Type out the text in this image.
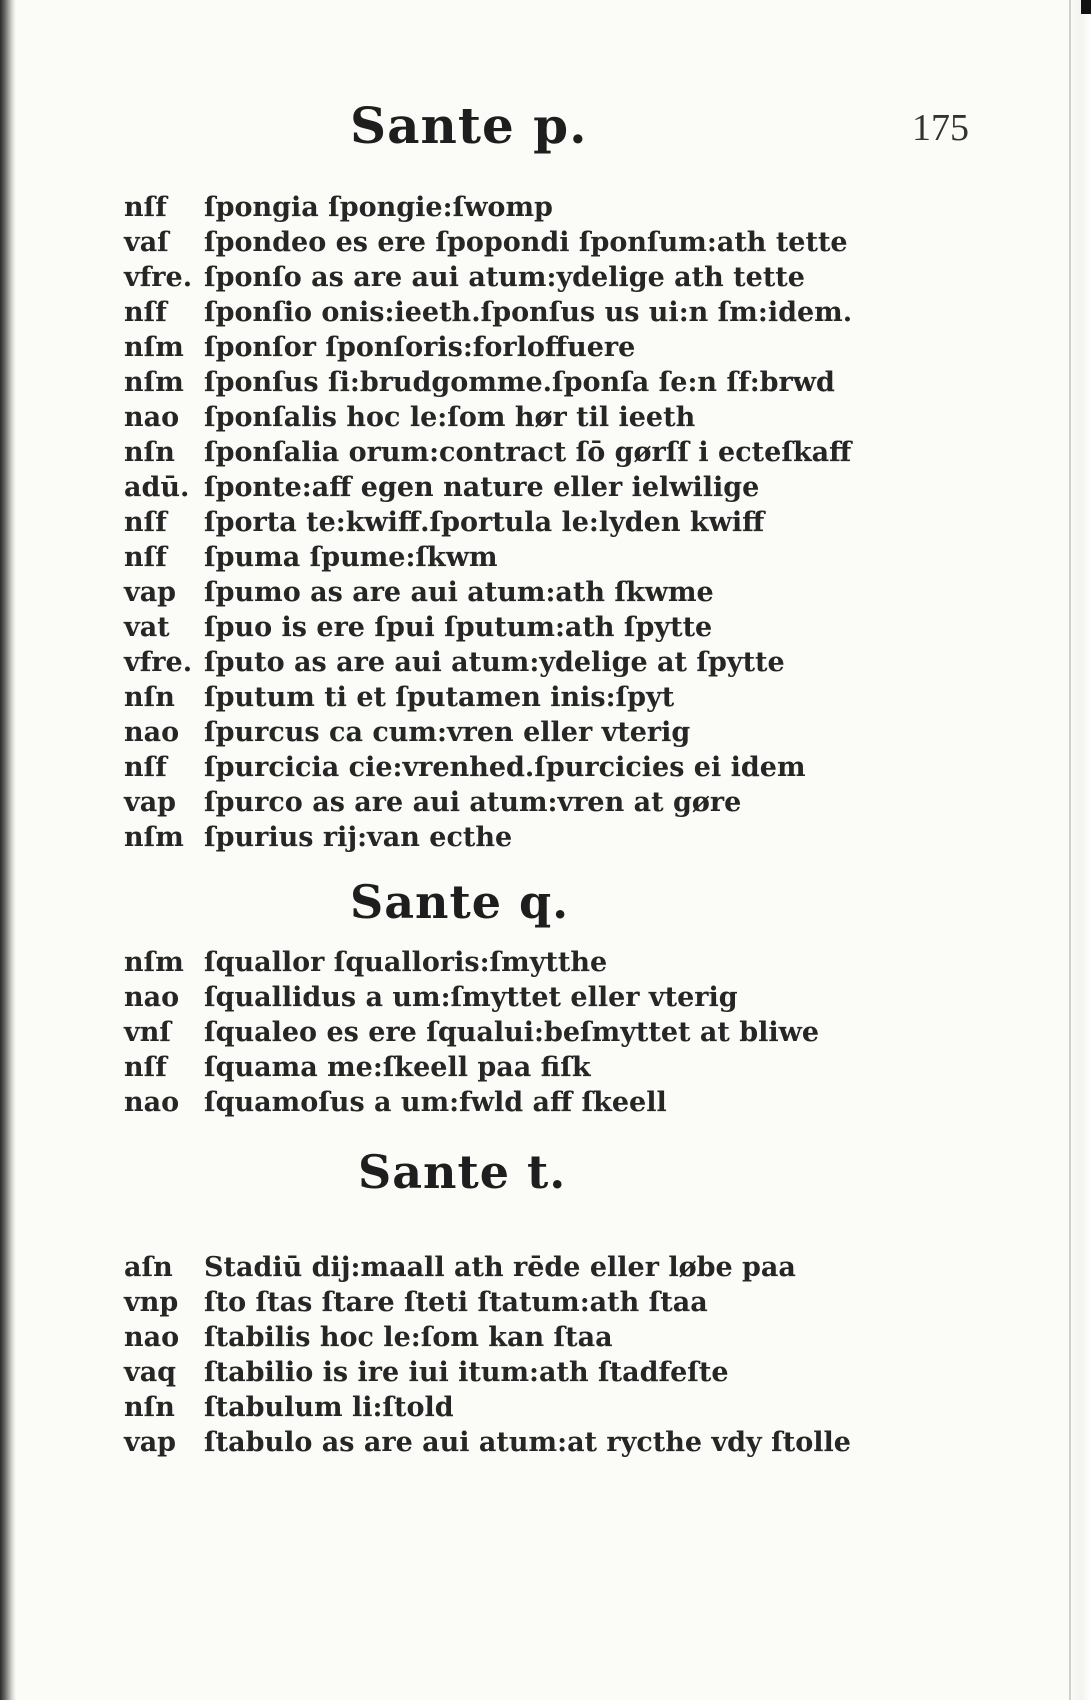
Sante p.	175
nſf	ſpongia ſpongie:ſwomp
vaſ	ſpondeo es ere ſpopondi ſponſum:ath tette
vfre. ſponſo as are aui atum:ydelige ath tette
nſf	ſponſio onis:ieeth.ſponſus us ui:n ſm:idem.
nſm ſponſor ſponſoris:forloffuere
nſm ſponſus ſi:brudgomme.ſponſa ſe:n ſf:brwd
nao ſponſalis hoc le:ſom hør til ieeth
nſn	ſponſalia orum:contract ſō gørſſ i ecteſkaff
adū. ſponte:aff egen nature eller ielwilige
nſf	ſporta te:kwiff.ſportula le:lyden kwiff
nſf	ſpuma ſpume:ſkwm
vap	ſpumo as are aui atum:ath ſkwme
vat	ſpuo is ere ſpui ſputum:ath ſpytte
vfre. ſputo as are aui atum:ydelige at ſpytte
nſn	ſputum ti et ſputamen inis:ſpyt
nao ſpurcus ca cum:vren eller vterig
nſf	ſpurcicia cie:vrenhed.ſpurcicies ei idem
vap	ſpurco as are aui atum:vren at gøre
nſm ſpurius rij:van ecthe
Sante q.
nſm ſquallor ſqualloris:ſmytthe
nao ſquallidus a um:ſmyttet eller vterig
vnſ	ſqualeo es ere ſqualui:beſmyttet at bliwe
nſf	ſquama me:ſkeell paa fiſk
nao ſquamoſus a um:fwld aff ſkeell
Sante t.
aſn	Stadiū dij:maall ath rēde eller løbe paa
vnp ſto ſtas ſtare ſteti ſtatum:ath ſtaa
nao ſtabilis hoc le:ſom kan ſtaa
vaq	ſtabilio is ire iui itum:ath ſtadfeſte
nſn	ſtabulum li:ſtold
vap	ſtabulo as are aui atum:at rycthe vdy ſtolle
